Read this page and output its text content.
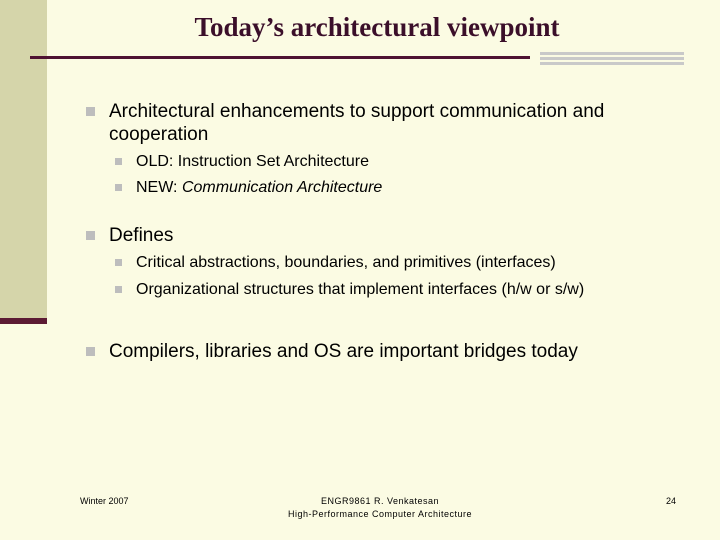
Today’s architectural viewpoint
Architectural enhancements to support communication and
cooperation
OLD: Instruction Set Architecture
NEW: Communication Architecture
Defines
Critical abstractions, boundaries, and primitives (interfaces)
Organizational structures that implement interfaces (h/w or s/w)
Compilers, libraries and OS are important bridges today
Winter 2007	ENGR9861 R. Venkatesan
High-Performance Computer Architecture
24
